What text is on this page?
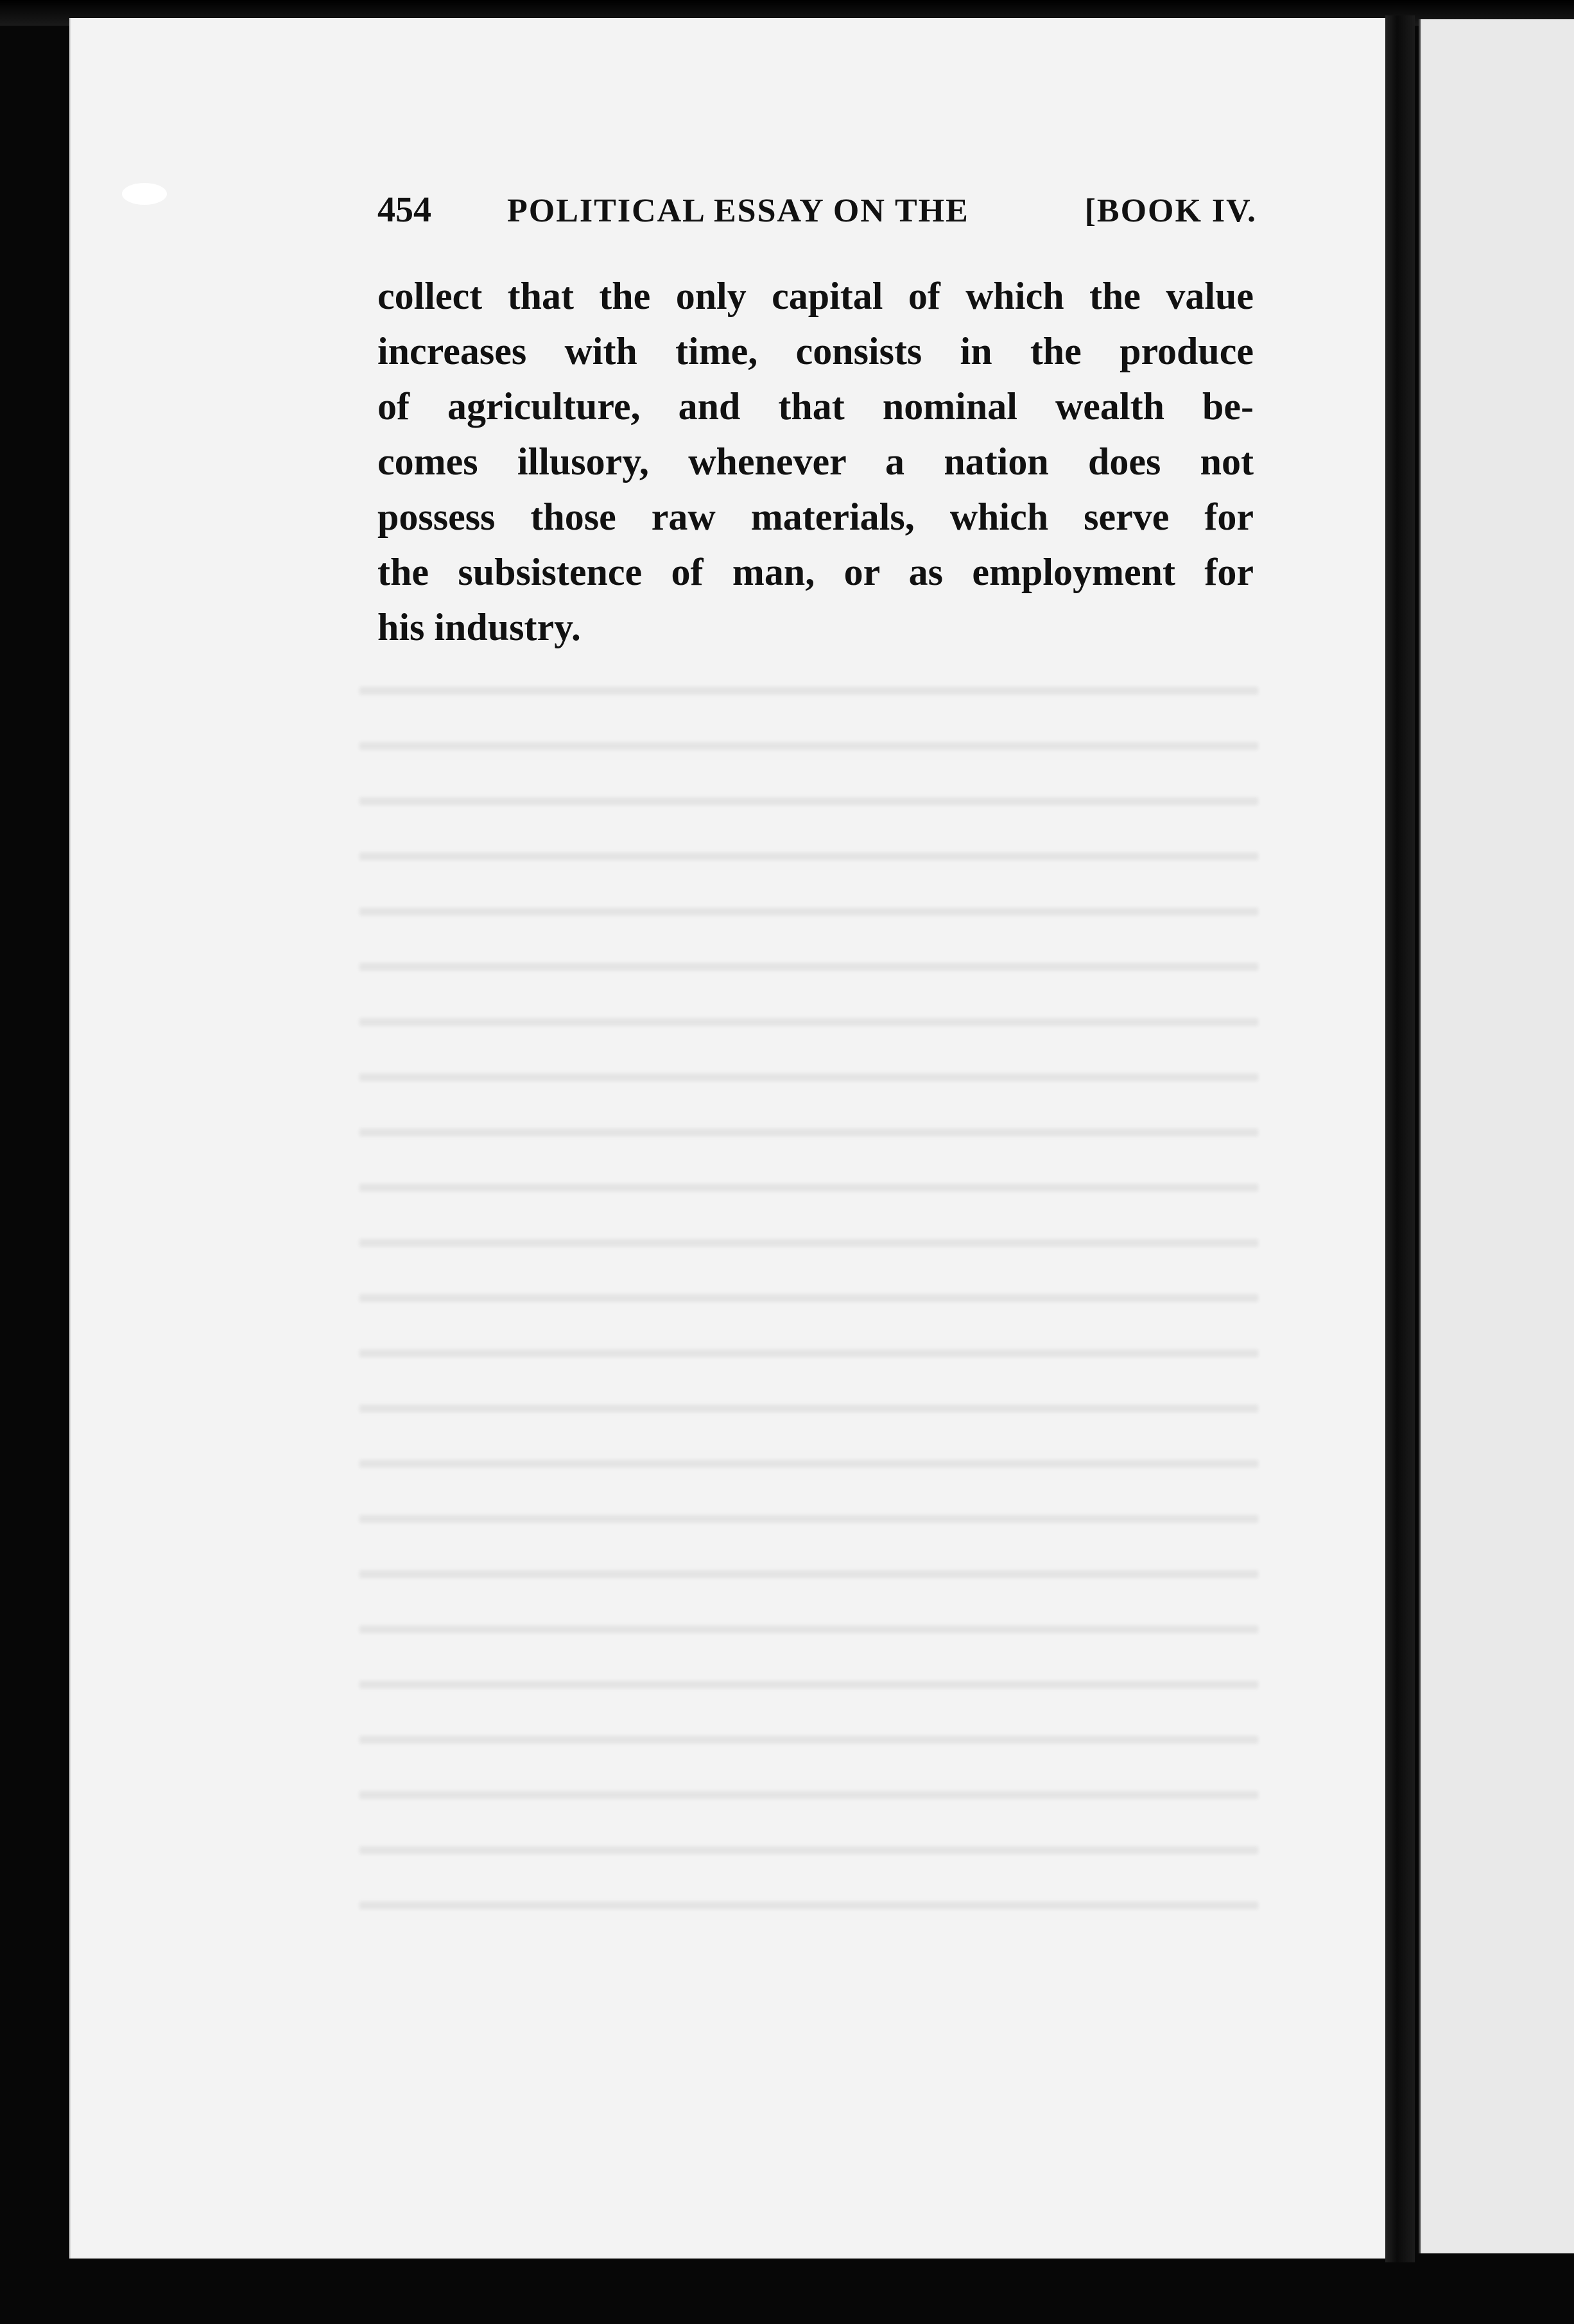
454 POLITICAL ESSAY ON THE	[BOOK IV.
collect that the only capital of which the value
increases with time, consists in the produce
of agriculture, and that nominal wealth be-
comes illusory, whenever a nation does not
possess those raw materials, which serve for
the subsistence of man, or as employment for
his industry.
